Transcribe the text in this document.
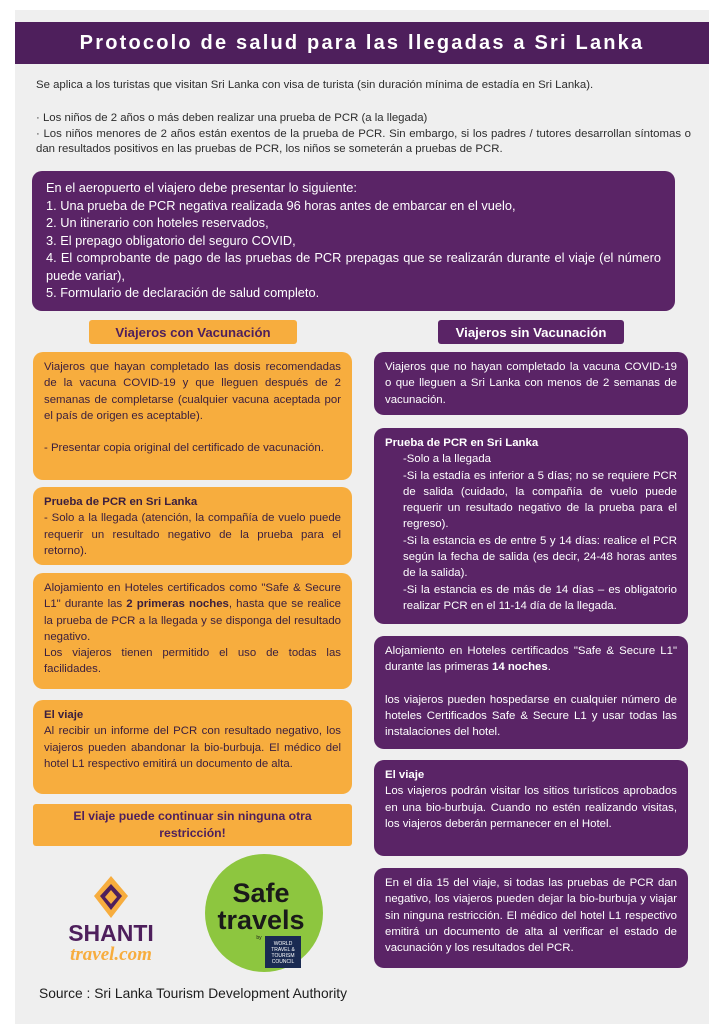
Protocolo de salud para las llegadas a Sri Lanka

Se aplica a los turistas que visitan Sri Lanka con visa de turista (sin duración mínima de estadía en Sri Lanka).

· Los niños de 2 años o más deben realizar una prueba de PCR (a la llegada)

· Los niños menores de 2 años están exentos de la prueba de PCR. Sin embargo, si los padres / tutores desarrollan síntomas o dan resultados positivos en las pruebas de PCR, los niños se someterán a pruebas de PCR.

En el aeropuerto el viajero debe presentar lo siguiente:

1. Una prueba de PCR negativa realizada 96 horas antes de embarcar en el vuelo,

2. Un itinerario con hoteles reservados,

3. El prepago obligatorio del seguro COVID,

4. El comprobante de pago de las pruebas de PCR prepagas que se realizarán durante el viaje (el número puede variar),

5. Formulario de declaración de salud completo.

Viajeros con Vacunación

Viajeros que hayan completado las dosis recomendadas de la vacuna COVID-19 y que lleguen después de 2 semanas de completarse (cualquier vacuna aceptada por el país de origen es aceptable).

- Presentar copia original del certificado de vacunación.

Prueba de PCR en Sri Lanka

- Solo a la llegada (atención, la compañía de vuelo puede requerir un resultado negativo de la prueba para el retorno).

Alojamiento en Hoteles certificados como "Safe & Secure L1" durante las 2 primeras noches, hasta que se realice la prueba de PCR a la llegada y se disponga del resultado negativo.

Los viajeros tienen permitido el uso de todas las facilidades.

El viaje

Al recibir un informe del PCR con resultado negativo, los viajeros pueden abandonar la bio-burbuja. El médico del hotel L1 respectivo emitirá un documento de alta.

El viaje puede continuar sin ninguna otra restricción!
Viajeros sin Vacunación

Viajeros que no hayan completado la vacuna COVID-19 o que lleguen a Sri Lanka con menos de 2 semanas de vacunación.

Prueba de PCR en Sri Lanka

-Solo a la llegada

-Si la estadía es inferior a 5 días; no se requiere PCR de salida (cuidado, la compañía de vuelo puede requerir un resultado negativo de la prueba para el regreso).

-Si la estancia es de entre 5 y 14 días: realice el PCR según la fecha de salida (es decir, 24-48 horas antes de la salida).

-Si la estancia es de más de 14 días – es obligatorio realizar PCR en el 11-14 día de la llegada.

Alojamiento en Hoteles certificados "Safe & Secure L1" durante las primeras 14 noches.

los viajeros pueden hospedarse en cualquier número de hoteles Certificados Safe & Secure L1 y usar todas las instalaciones del hotel.

El viaje

Los viajeros podrán visitar los sitios turísticos aprobados en una bio-burbuja. Cuando no estén realizando visitas, los viajeros deberán permanecer en el Hotel.

En el día 15 del viaje, si todas las pruebas de PCR dan negativo, los viajeros pueden dejar la bio-burbuja y viajar sin ninguna restricción. El médico del hotel L1 respectivo emitirá un documento de alta al verificar el estado de vacunación y los resultados del PCR.

SHANTI
travel.com
Safe
travels
by
WORLD
TRAVEL &
TOURISM
COUNCIL
Source : Sri Lanka Tourism Development Authority
